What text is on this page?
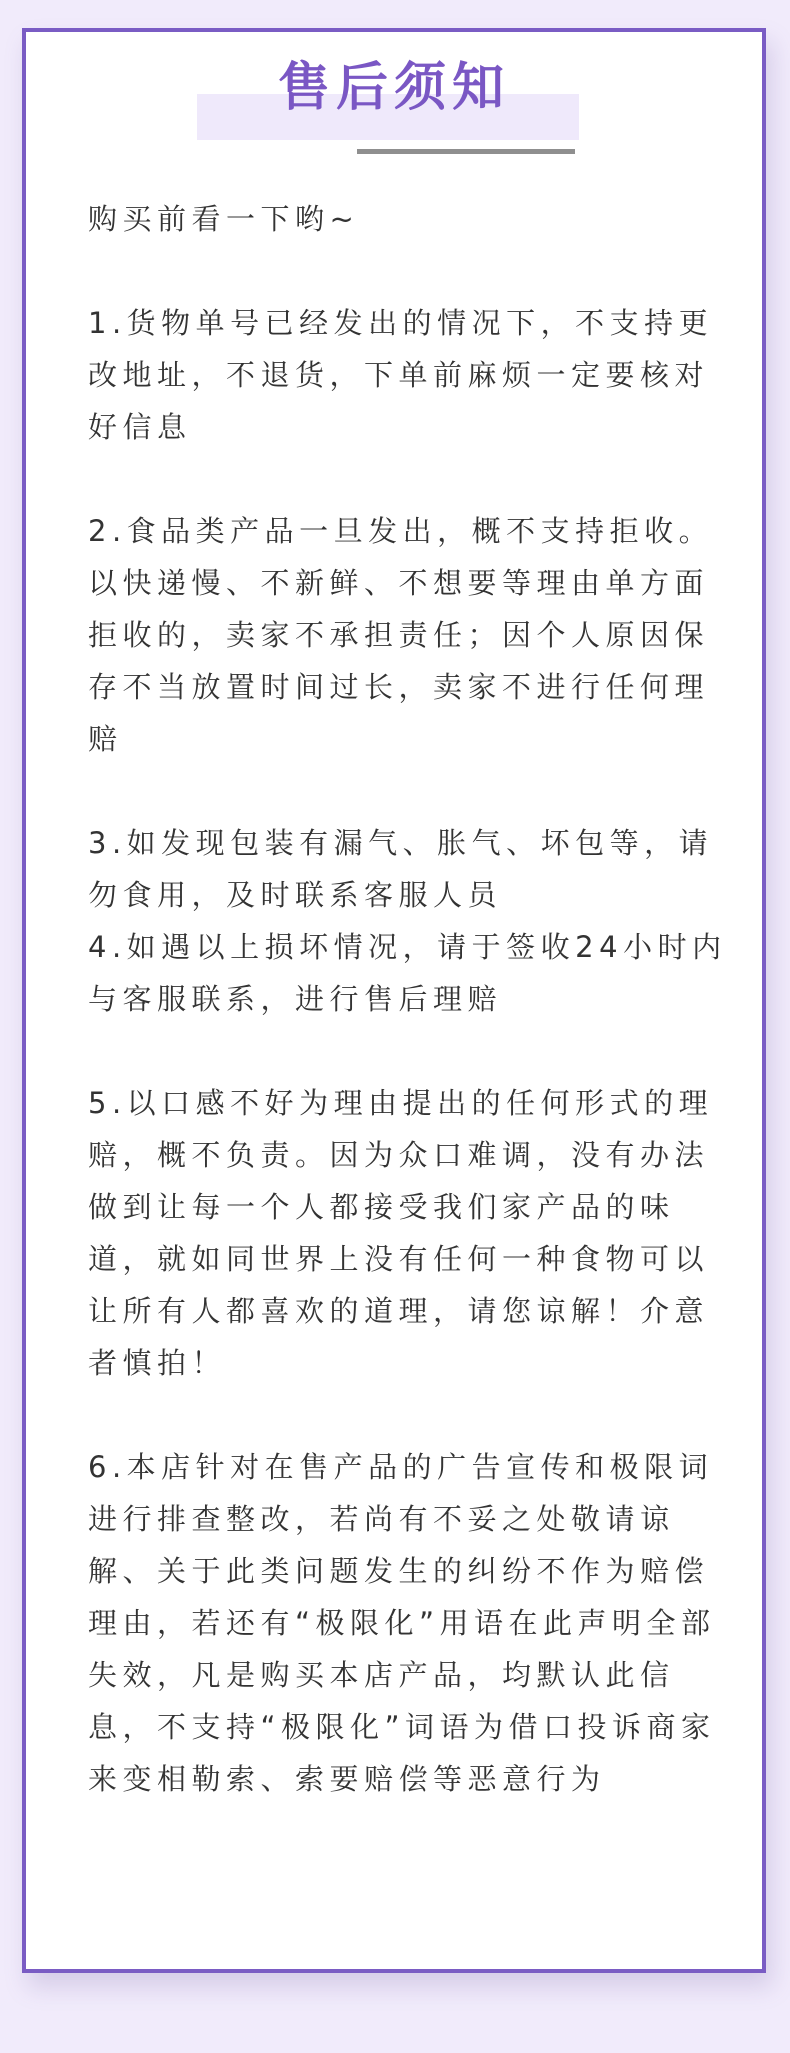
售后须知

购买前看一下哟~

1.货物单号已经发出的情况下，不支持更改地址，不退货，下单前麻烦一定要核对好信息

2.食品类产品一旦发出，概不支持拒收。以快递慢、不新鲜、不想要等理由单方面拒收的，卖家不承担责任；因个人原因保存不当放置时间过长，卖家不进行任何理赔

3.如发现包装有漏气、胀气、坏包等，请勿食用，及时联系客服人员

4.如遇以上损坏情况，请于签收24小时内与客服联系，进行售后理赔

5.以口感不好为理由提出的任何形式的理赔，概不负责。因为众口难调，没有办法做到让每一个人都接受我们家产品的味道，就如同世界上没有任何一种食物可以让所有人都喜欢的道理，请您谅解！介意者慎拍！

6.本店针对在售产品的广告宣传和极限词进行排查整改，若尚有不妥之处敬请谅解、关于此类问题发生的纠纷不作为赔偿理由，若还有“极限化”用语在此声明全部失效，凡是购买本店产品，均默认此信息，不支持“极限化”词语为借口投诉商家来变相勒索、索要赔偿等恶意行为
